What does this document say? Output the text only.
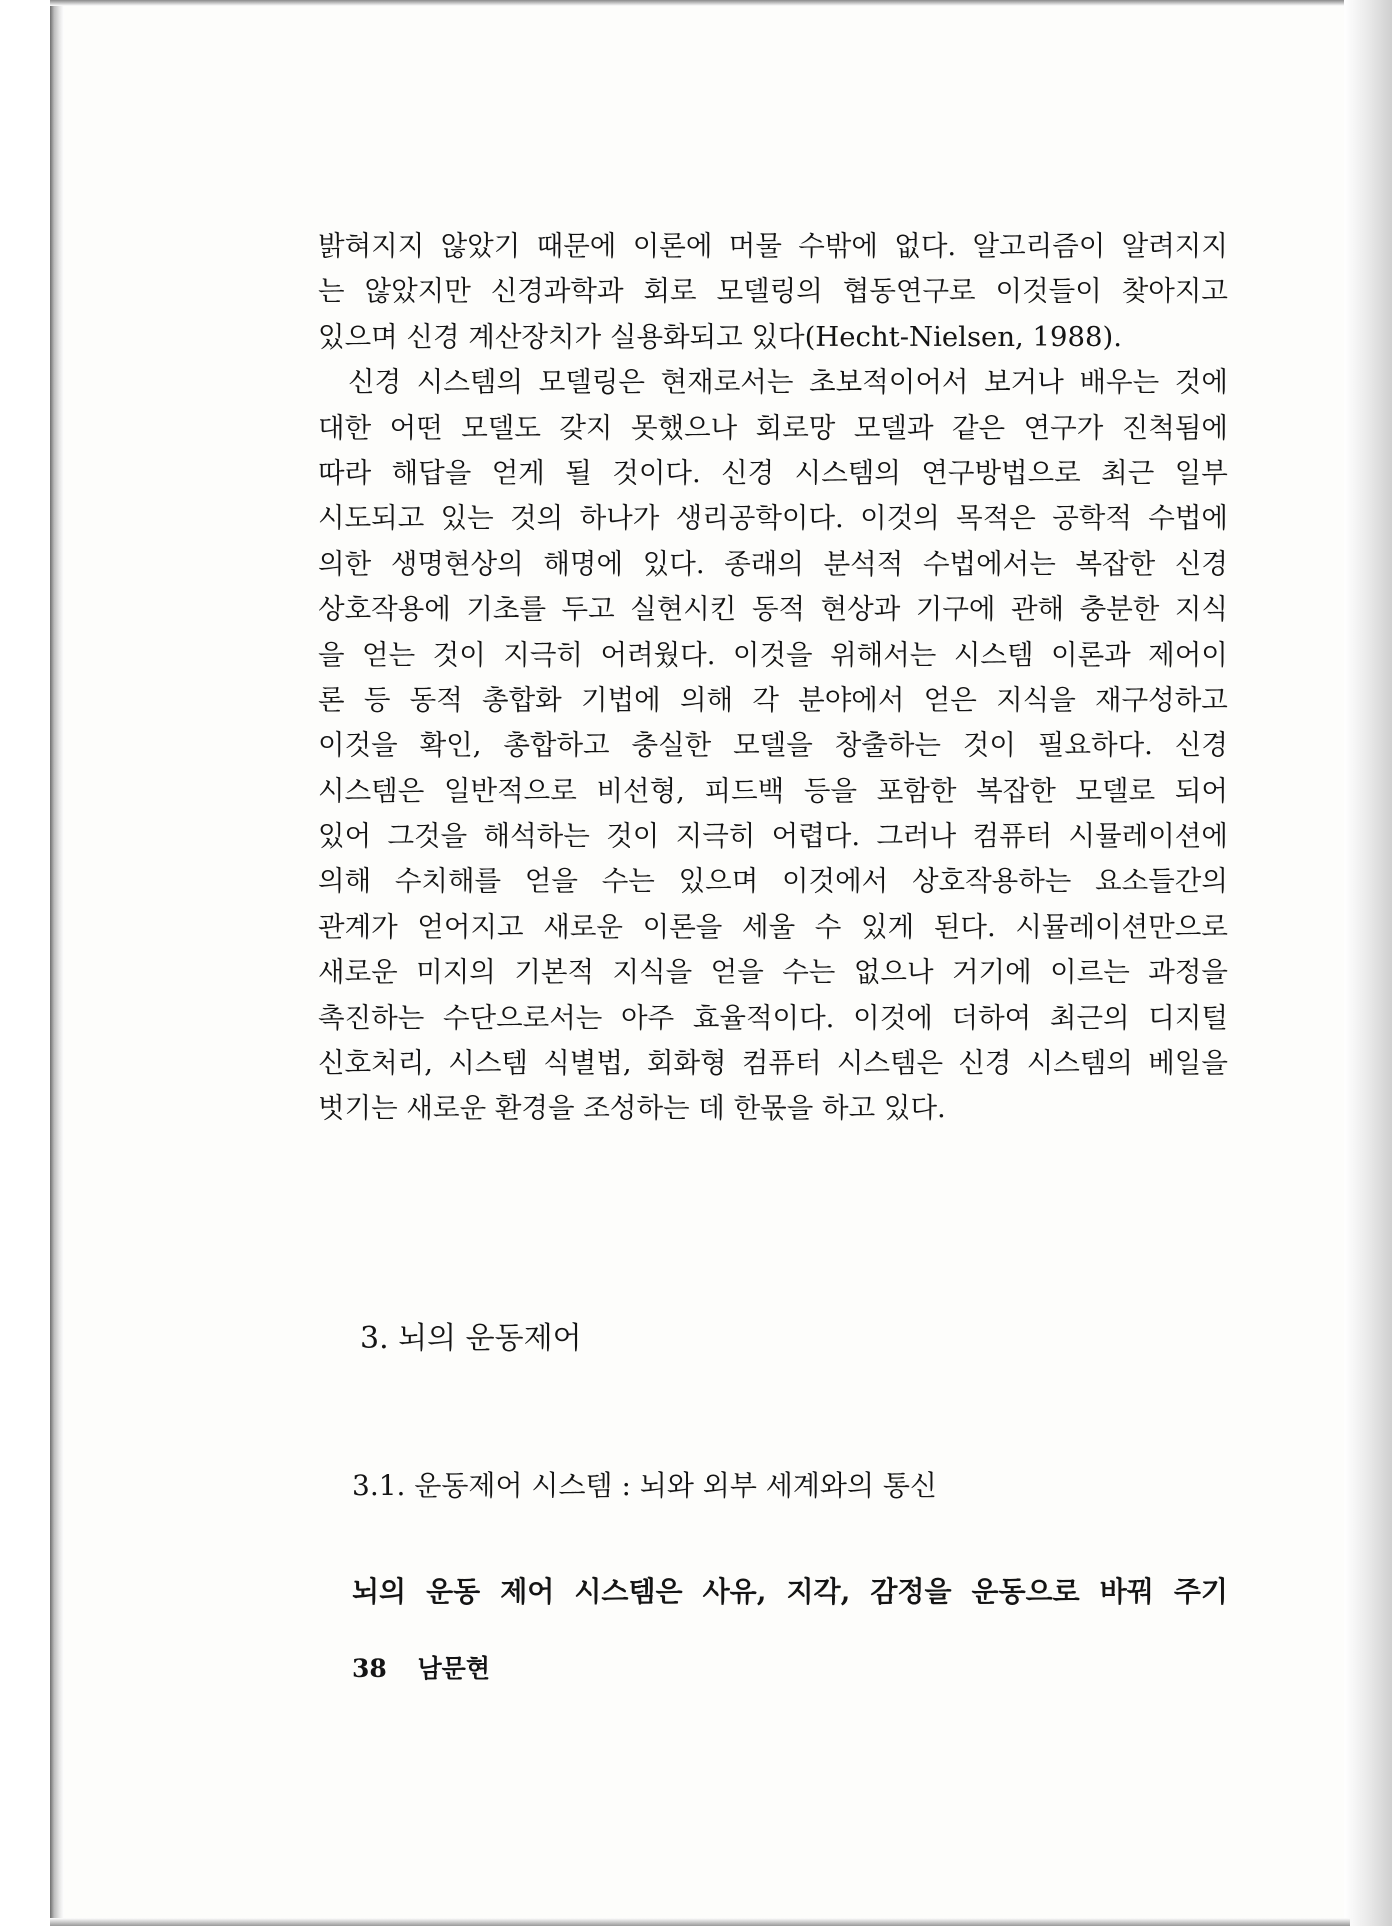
밝혀지지 않았기 때문에 이론에 머물 수밖에 없다. 알고리즘이 알려지지
는 않았지만 신경과학과 회로 모델링의 협동연구로 이것들이 찾아지고
있으며 신경 계산장치가 실용화되고 있다(Hecht-Nielsen, 1988).
신경 시스템의 모델링은 현재로서는 초보적이어서 보거나 배우는 것에
대한 어떤 모델도 갖지 못했으나 회로망 모델과 같은 연구가 진척됨에
따라 해답을 얻게 될 것이다. 신경 시스템의 연구방법으로 최근 일부
시도되고 있는 것의 하나가 생리공학이다. 이것의 목적은 공학적 수법에
의한 생명현상의 해명에 있다. 종래의 분석적 수법에서는 복잡한 신경
상호작용에 기초를 두고 실현시킨 동적 현상과 기구에 관해 충분한 지식
을 얻는 것이 지극히 어려웠다. 이것을 위해서는 시스템 이론과 제어이
론 등 동적 총합화 기법에 의해 각 분야에서 얻은 지식을 재구성하고
이것을 확인, 총합하고 충실한 모델을 창출하는 것이 필요하다. 신경
시스템은 일반적으로 비선형, 피드백 등을 포함한 복잡한 모델로 되어
있어 그것을 해석하는 것이 지극히 어렵다. 그러나 컴퓨터 시뮬레이션에
의해 수치해를 얻을 수는 있으며 이것에서 상호작용하는 요소들간의
관계가 얻어지고 새로운 이론을 세울 수 있게 된다. 시뮬레이션만으로
새로운 미지의 기본적 지식을 얻을 수는 없으나 거기에 이르는 과정을
촉진하는 수단으로서는 아주 효율적이다. 이것에 더하여 최근의 디지털
신호처리, 시스템 식별법, 회화형 컴퓨터 시스템은 신경 시스템의 베일을
벗기는 새로운 환경을 조성하는 데 한몫을 하고 있다.
3. 뇌의 운동제어
3.1. 운동제어 시스템 : 뇌와 외부 세계와의 통신
뇌의 운동 제어 시스템은 사유, 지각, 감정을 운동으로 바꿔 주기
38 남문현
